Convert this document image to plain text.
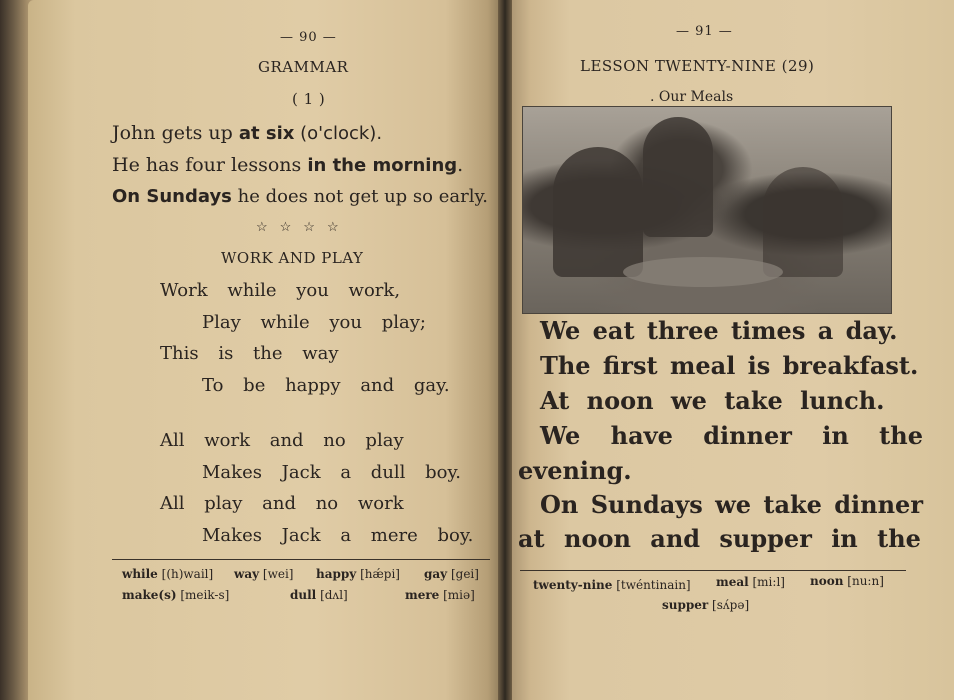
— 90 —
GRAMMAR
( 1 )
John gets up at six (o'clock).
He has four lessons in the morning.
On Sundays he does not get up so early.
☆☆☆☆
WORK AND PLAY
Work while you work,
Play while you play;
This is the way
To be happy and gay.
All work and no play
Makes Jack a dull boy.
All play and no work
Makes Jack a mere boy.
while [(h)wail] way [wei] happy [hǽpi] gay [gei]
make(s) [meik-s]	dull [dʌl]	mere [miə]
— 91 —
LESSON TWENTY-NINE (29)
. Our Meals
We eat three times a day.
The first meal is breakfast.
At noon we take lunch.
We have dinner in the
evening.
On Sundays we take dinner
at noon and supper in the
twenty-nine [twéntinain] meal [mi:l] noon [nu:n]
supper [sʌ́pə]
